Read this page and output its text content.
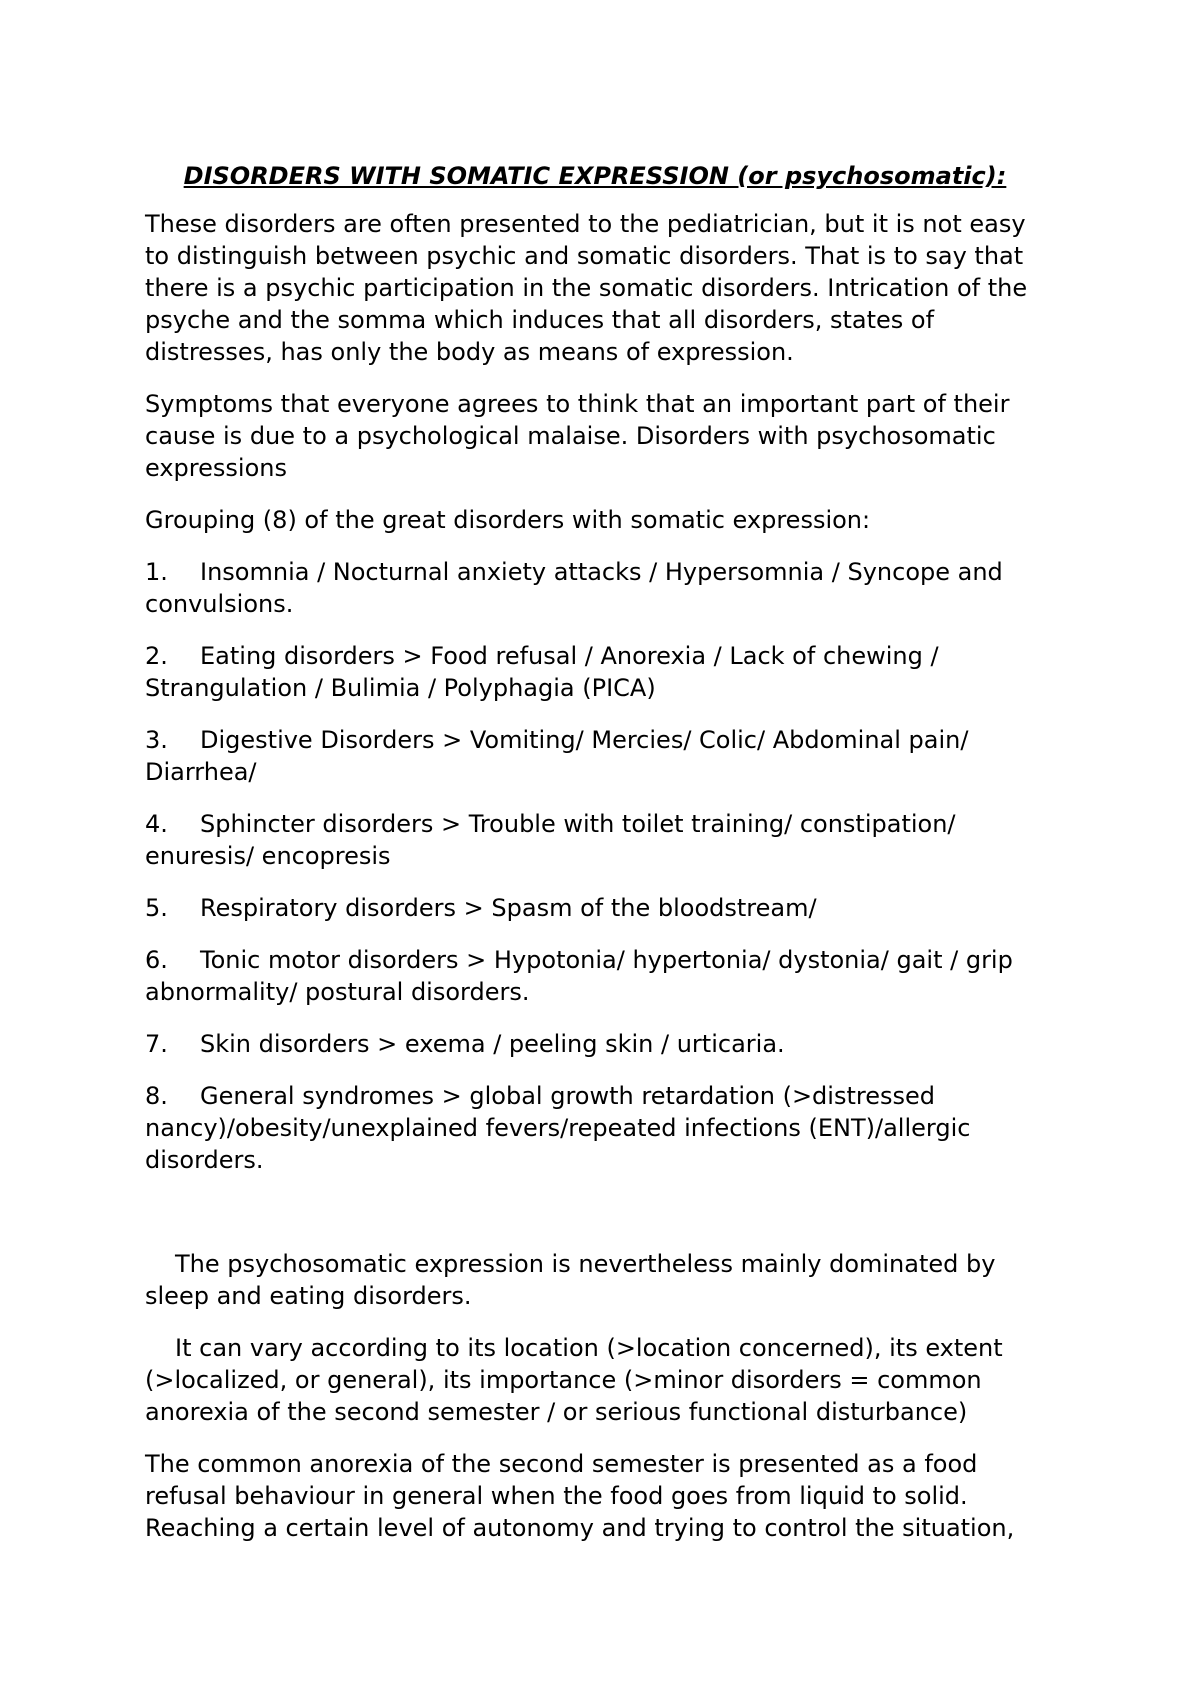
DISORDERS WITH SOMATIC EXPRESSION (or psychosomatic):

These disorders are often presented to the pediatrician, but it is not easy to distinguish between psychic and somatic disorders. That is to say that there is a psychic participation in the somatic disorders. Intrication of the psyche and the somma which induces that all disorders, states of distresses, has only the body as means of expression.

Symptoms that everyone agrees to think that an important part of their cause is due to a psychological malaise. Disorders with psychosomatic expressions

Grouping (8) of the great disorders with somatic expression:

1. Insomnia / Nocturnal anxiety attacks / Hypersomnia / Syncope and convulsions.
2. Eating disorders > Food refusal / Anorexia / Lack of chewing / Strangulation / Bulimia / Polyphagia (PICA)
3. Digestive Disorders > Vomiting/ Mercies/ Colic/ Abdominal pain/ Diarrhea/
4. Sphincter disorders > Trouble with toilet training/ constipation/ enuresis/ encopresis
5. Respiratory disorders > Spasm of the bloodstream/
6. Tonic motor disorders > Hypotonia/ hypertonia/ dystonia/ gait / grip abnormality/ postural disorders.
7. Skin disorders > exema / peeling skin / urticaria.
8. General syndromes > global growth retardation (>distressed nancy)/obesity/unexplained fevers/repeated infections (ENT)/allergic disorders.

The psychosomatic expression is nevertheless mainly dominated by sleep and eating disorders.

It can vary according to its location (>location concerned), its extent (>localized, or general), its importance (>minor disorders = common anorexia of the second semester / or serious functional disturbance)

The common anorexia of the second semester is presented as a food refusal behaviour in general when the food goes from liquid to solid. Reaching a certain level of autonomy and trying to control the situation,
